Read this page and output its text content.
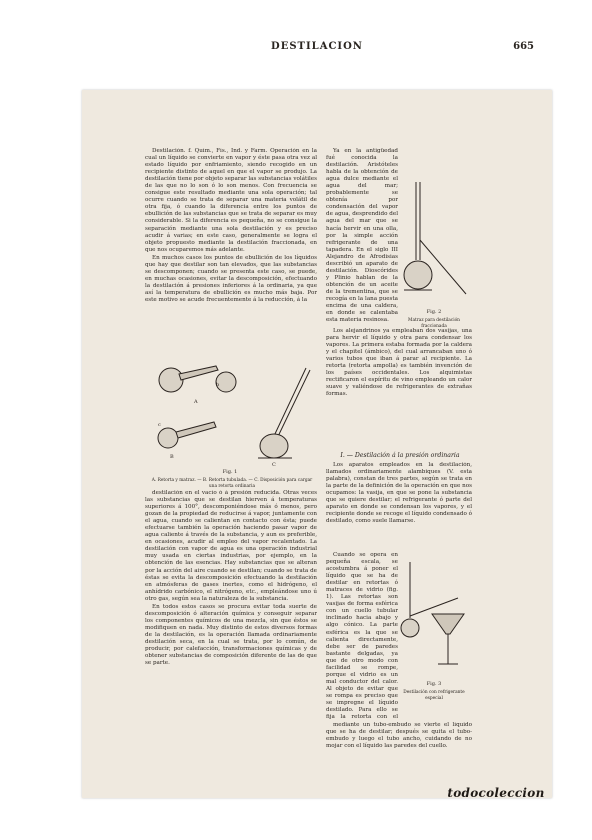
DESTILACION	665

Destilación. f. Quím., Fís., Ind. y Farm. Operación en la cual un líquido se convierte en vapor y éste pasa otra vez al estado líquido por enfriamiento, siendo recogido en un recipiente distinto de aquel en que el vapor se produjo. La destilación tiene por objeto separar las substancias volátiles de las que no lo son ó lo son menos. Con frecuencia se consigue este resultado mediante una sola operación; tal ocurre cuando se trata de separar una materia volátil de otra fija, ó cuando la diferencia entre los puntos de ebullición de las substancias que se trata de separar es muy considerable. Si la diferencia es pequeña, no se consigue la separación mediante una sola destilación y es preciso acudir á varias; en este caso, generalmente se logra el objeto propuesto mediante la destilación fraccionada, en que nos ocuparemos más adelante.

En muchos casos los puntos de ebullición de los líquidos que hay que destilar son tan elevados, que las substancias se descomponen; cuando se presenta este caso, se puede, en muchas ocasiones, evitar la descomposición, efectuando la destilación á presiones inferiores á la ordinaria, ya que así la temperatura de ebullición es mucho más baja. Por este motivo se acude frecuentemente á la reducción, á la

A
B
C
b
c
Fig. 1
A. Retorta y matraz. — B. Retorta tubulada. — C. Disposición para cargar una retorta ordinaria

destilación en el vacío ó á presión reducida. Otras veces las substancias que se destilan hierven á temperaturas superiores á 100°, descomponiéndose más ó menos, pero gozan de la propiedad de reducirse á vapor, juntamente con el agua, cuando se calientan en contacto con ésta; puede efectuarse también la operación haciendo pasar vapor de agua caliente á través de la substancia, y aun es preferible, en ocasiones, acudir al empleo del vapor recalentado. La destilación con vapor de agua es una operación industrial muy usada en ciertas industrias, por ejemplo, en la obtención de las esencias. Hay substancias que se alteran por la acción del aire cuando se destilan; cuando se trata de éstas se evita la descomposición efectuando la destilación en atmósferas de gases inertes, como el hidrógeno, el anhídrido carbónico, el nitrógeno, etc., empleándose uno ú otro gas, según sea la naturaleza de la substancia.

En todos estos casos se procura evitar toda suerte de descomposición ó alteración química y conseguir separar los componentes químicos de una mezcla, sin que éstos se modifiquen en nada. Muy distinto de estos diversos formas de la destilación, es la operación llamada ordinariamente destilación seca, en la cual se trata, por lo común, de producir, por calefacción, transformaciones químicas y de obtener substancias de composición diferente de las de que se parte.

Ya en la antigüedad fué conocida la destilación. Aristóteles habla de la obtención de agua dulce mediante el agua del mar; probablemente se obtenía por condensación del vapor de agua, desprendido del agua del mar que se hacía hervir en una olla, por la simple acción refrigerante de una tapadera. En el siglo III Alejandro de Afrodisias describió un aparato de destilación. Dioscórides y Plinio hablan de la obtención de un aceite de la trementina, que se recogía en la lana puesta encima de una caldera, en donde se calentaba esta materia resinosa.

Fig. 2
Matraz para destilación fraccionada

Los alejandrinos ya empleaban dos vasijas, una para hervir el líquido y otra para condensar los vapores. La primera estaba formada por la caldera y el chapitel (ámbico), del cual arrancaban uno ó varios tubos que iban á parar al recipiente. La retorta (retorta ampolla) es también invención de los países occidentales. Los alquimistas rectificaron el espíritu de vino empleando un calor suave y valiéndose de refrigerantes de extrañas formas.

I. — Destilación á la presión ordinaria

Los aparatos empleados en la destilación, llamados ordinariamente alambiques (V. esta palabra), constan de tres partes, según se trata en la parte de la definición de la operación en que nos ocupamos: la vasija, en que se pone la substancia que se quiere destilar; el refrigerante ó parte del aparato en donde se condensan los vapores, y el recipiente donde se recoge el líquido condensado ó destilado, como suele llamarse.

Cuando se opera en pequeña escala, se acostumbra á poner el líquido que se ha de destilar en retortas ó matraces de vidrio (fig. 1). Las retortas son vasijas de forma esférica con un cuello tubular inclinado hacia abajo y algo cónico. La parte esférica es la que se calienta directamente, debe ser de paredes bastante delgadas, ya que de otro modo con facilidad se rompe, porque el vidrio es un mal conductor del calor. Al objeto de evitar que se rompa es preciso que se impregne el líquido destilado. Para ello se fija la retorta con el

Fig. 3
Destilación con refrigerante especial

mediante un tubo-embudo se vierte el líquido que se ha de destilar; después se quita el tubo-embudo y luego el tubo ancho, cuidando de no mojar con el líquido las paredes del cuello.

todocoleccion
